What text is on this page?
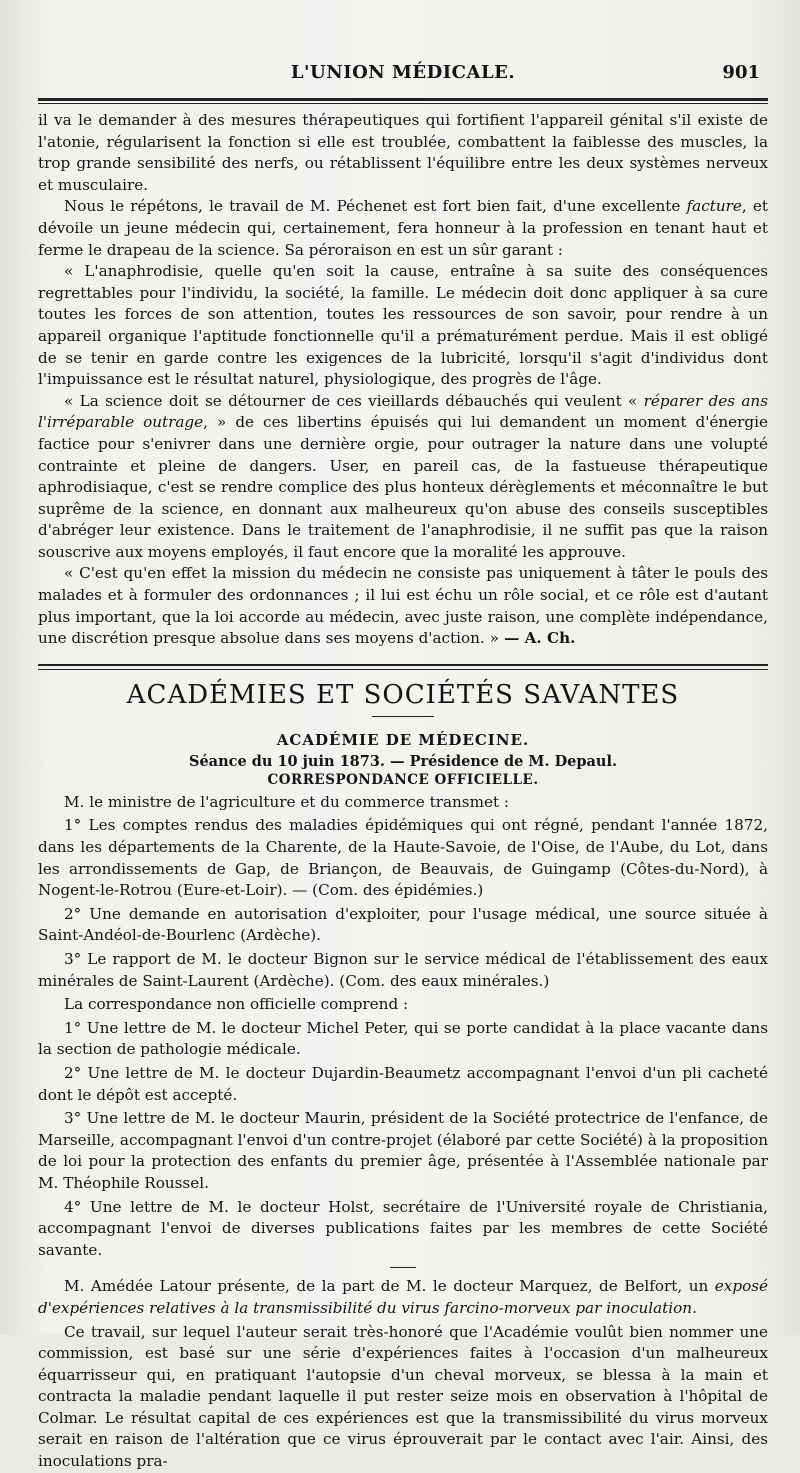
L'UNION MÉDICALE.	901

il va le demander à des mesures thérapeutiques qui fortifient l'appareil génital s'il existe de l'atonie, régularisent la fonction si elle est troublée, combattent la faiblesse des muscles, la trop grande sensibilité des nerfs, ou rétablissent l'équilibre entre les deux systèmes nerveux et musculaire.

Nous le répétons, le travail de M. Péchenet est fort bien fait, d'une excellente facture, et dévoile un jeune médecin qui, certainement, fera honneur à la profession en tenant haut et ferme le drapeau de la science. Sa péroraison en est un sûr garant :

« L'anaphrodisie, quelle qu'en soit la cause, entraîne à sa suite des conséquences regrettables pour l'individu, la société, la famille. Le médecin doit donc appliquer à sa cure toutes les forces de son attention, toutes les ressources de son savoir, pour rendre à un appareil organique l'aptitude fonctionnelle qu'il a prématurément perdue. Mais il est obligé de se tenir en garde contre les exigences de la lubricité, lorsqu'il s'agit d'individus dont l'impuissance est le résultat naturel, physiologique, des progrès de l'âge.

« La science doit se détourner de ces vieillards débauchés qui veulent « réparer des ans l'irréparable outrage, » de ces libertins épuisés qui lui demandent un moment d'énergie factice pour s'enivrer dans une dernière orgie, pour outrager la nature dans une volupté contrainte et pleine de dangers. User, en pareil cas, de la fastueuse thérapeutique aphrodisiaque, c'est se rendre complice des plus honteux dérèglements et méconnaître le but suprême de la science, en donnant aux malheureux qu'on abuse des conseils susceptibles d'abréger leur existence. Dans le traitement de l'anaphrodisie, il ne suffit pas que la raison souscrive aux moyens employés, il faut encore que la moralité les approuve.

« C'est qu'en effet la mission du médecin ne consiste pas uniquement à tâter le pouls des malades et à formuler des ordonnances ; il lui est échu un rôle social, et ce rôle est d'autant plus important, que la loi accorde au médecin, avec juste raison, une complète indépendance, une discrétion presque absolue dans ses moyens d'action. » — A. Ch.

ACADÉMIES ET SOCIÉTÉS SAVANTES
ACADÉMIE DE MÉDECINE.
Séance du 10 juin 1873. — Présidence de M. Depaul.
CORRESPONDANCE OFFICIELLE.

M. le ministre de l'agriculture et du commerce transmet :

1° Les comptes rendus des maladies épidémiques qui ont régné, pendant l'année 1872, dans les départements de la Charente, de la Haute-Savoie, de l'Oise, de l'Aube, du Lot, dans les arrondissements de Gap, de Briançon, de Beauvais, de Guingamp (Côtes-du-Nord), à Nogent-le-Rotrou (Eure-et-Loir). — (Com. des épidémies.)

2° Une demande en autorisation d'exploiter, pour l'usage médical, une source située à Saint-Andéol-de-Bourlenc (Ardèche).

3° Le rapport de M. le docteur Bignon sur le service médical de l'établissement des eaux minérales de Saint-Laurent (Ardèche). (Com. des eaux minérales.)

La correspondance non officielle comprend :

1° Une lettre de M. le docteur Michel Peter, qui se porte candidat à la place vacante dans la section de pathologie médicale.

2° Une lettre de M. le docteur Dujardin-Beaumetz accompagnant l'envoi d'un pli cacheté dont le dépôt est accepté.

3° Une lettre de M. le docteur Maurin, président de la Société protectrice de l'enfance, de Marseille, accompagnant l'envoi d'un contre-projet (élaboré par cette Société) à la proposition de loi pour la protection des enfants du premier âge, présentée à l'Assemblée nationale par M. Théophile Roussel.

4° Une lettre de M. le docteur Holst, secrétaire de l'Université royale de Christiania, accompagnant l'envoi de diverses publications faites par les membres de cette Société savante.

M. Amédée Latour présente, de la part de M. le docteur Marquez, de Belfort, un exposé d'expériences relatives à la transmissibilité du virus farcino-morveux par inoculation.

Ce travail, sur lequel l'auteur serait très-honoré que l'Académie voulût bien nommer une commission, est basé sur une série d'expériences faites à l'occasion d'un malheureux équarrisseur qui, en pratiquant l'autopsie d'un cheval morveux, se blessa à la main et contracta la maladie pendant laquelle il put rester seize mois en observation à l'hôpital de Colmar. Le résultat capital de ces expériences est que la transmissibilité du virus morveux serait en raison de l'altération que ce virus éprouverait par le contact avec l'air. Ainsi, des inoculations pra-
